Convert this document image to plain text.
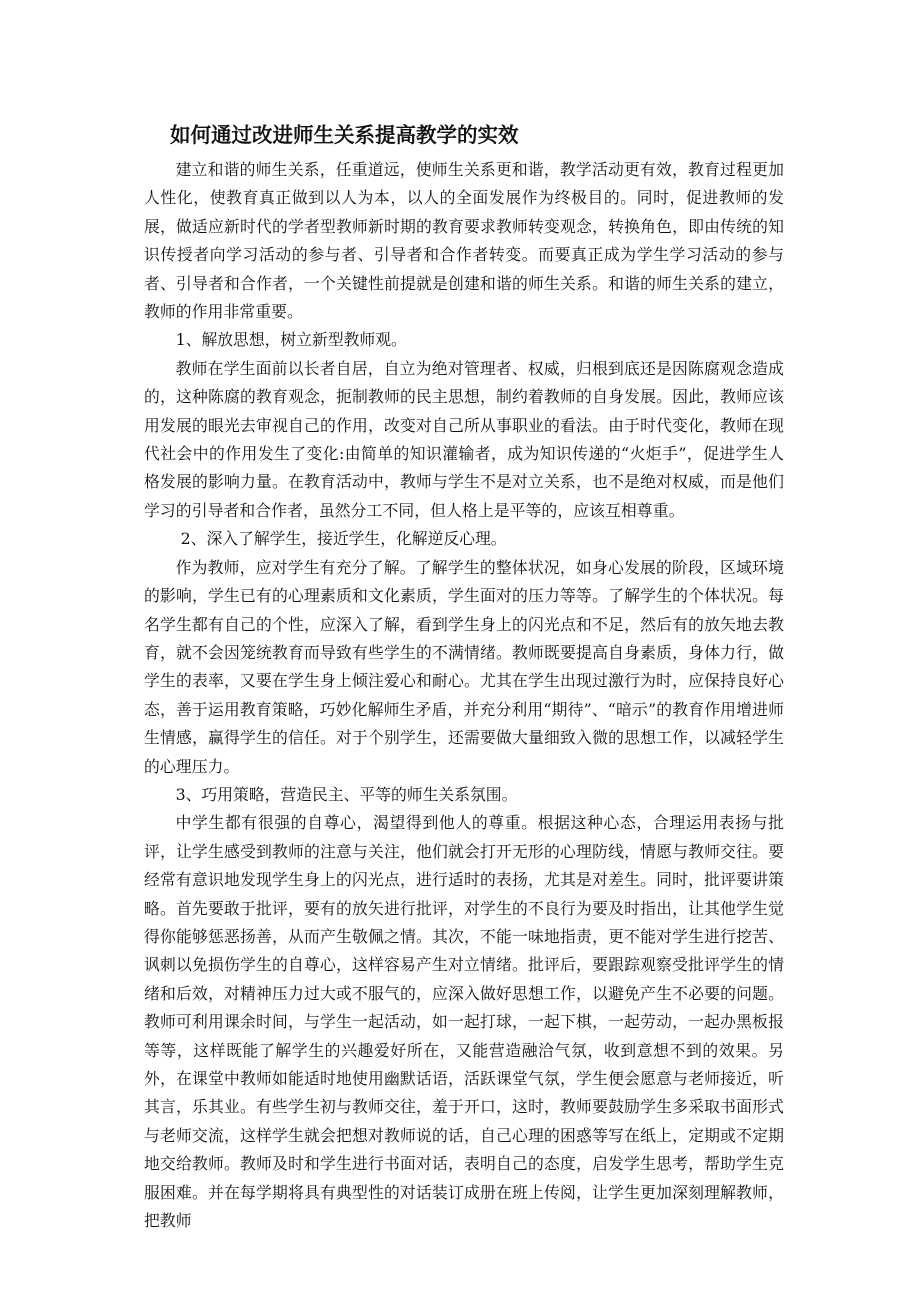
如何通过改进师生关系提高教学的实效

建立和谐的师生关系，任重道远，使师生关系更和谐，教学活动更有效，教育过程更加人性化，使教育真正做到以人为本，以人的全面发展作为终极目的。同时，促进教师的发展，做适应新时代的学者型教师新时期的教育要求教师转变观念，转换角色，即由传统的知识传授者向学习活动的参与者、引导者和合作者转变。而要真正成为学生学习活动的参与者、引导者和合作者，一个关键性前提就是创建和谐的师生关系。和谐的师生关系的建立，教师的作用非常重要。

1、解放思想，树立新型教师观。

教师在学生面前以长者自居，自立为绝对管理者、权威，归根到底还是因陈腐观念造成的，这种陈腐的教育观念，扼制教师的民主思想，制约着教师的自身发展。因此，教师应该用发展的眼光去审视自己的作用，改变对自己所从事职业的看法。由于时代变化，教师在现代社会中的作用发生了变化:由简单的知识灌输者，成为知识传递的“火炬手”，促进学生人格发展的影响力量。在教育活动中，教师与学生不是对立关系，也不是绝对权威，而是他们学习的引导者和合作者，虽然分工不同，但人格上是平等的，应该互相尊重。

2、深入了解学生，接近学生，化解逆反心理。

作为教师，应对学生有充分了解。了解学生的整体状况，如身心发展的阶段，区域环境的影响，学生已有的心理素质和文化素质，学生面对的压力等等。了解学生的个体状况。每名学生都有自己的个性，应深入了解，看到学生身上的闪光点和不足，然后有的放矢地去教育，就不会因笼统教育而导致有些学生的不满情绪。教师既要提高自身素质，身体力行，做学生的表率，又要在学生身上倾注爱心和耐心。尤其在学生出现过激行为时，应保持良好心态，善于运用教育策略，巧妙化解师生矛盾，并充分利用“期待”、“暗示”的教育作用增进师生情感，赢得学生的信任。对于个别学生，还需要做大量细致入微的思想工作，以减轻学生的心理压力。

3、巧用策略，营造民主、平等的师生关系氛围。

中学生都有很强的自尊心，渴望得到他人的尊重。根据这种心态，合理运用表扬与批评，让学生感受到教师的注意与关注，他们就会打开无形的心理防线，情愿与教师交往。要经常有意识地发现学生身上的闪光点，进行适时的表扬，尤其是对差生。同时，批评要讲策略。首先要敢于批评，要有的放矢进行批评，对学生的不良行为要及时指出，让其他学生觉得你能够惩恶扬善，从而产生敬佩之情。其次，不能一味地指责，更不能对学生进行挖苦、讽刺以免损伤学生的自尊心，这样容易产生对立情绪。批评后，要跟踪观察受批评学生的情绪和后效，对精神压力过大或不服气的，应深入做好思想工作，以避免产生不必要的问题。教师可利用课余时间，与学生一起活动，如一起打球，一起下棋，一起劳动，一起办黑板报等等，这样既能了解学生的兴趣爱好所在，又能营造融洽气氛，收到意想不到的效果。另外，在课堂中教师如能适时地使用幽默话语，活跃课堂气氛，学生便会愿意与老师接近，听其言，乐其业。有些学生初与教师交往，羞于开口，这时，教师要鼓励学生多采取书面形式与老师交流，这样学生就会把想对教师说的话，自己心理的困惑等写在纸上，定期或不定期地交给教师。教师及时和学生进行书面对话，表明自己的态度，启发学生思考，帮助学生克服困难。并在每学期将具有典型性的对话装订成册在班上传阅，让学生更加深刻理解教师，把教师
